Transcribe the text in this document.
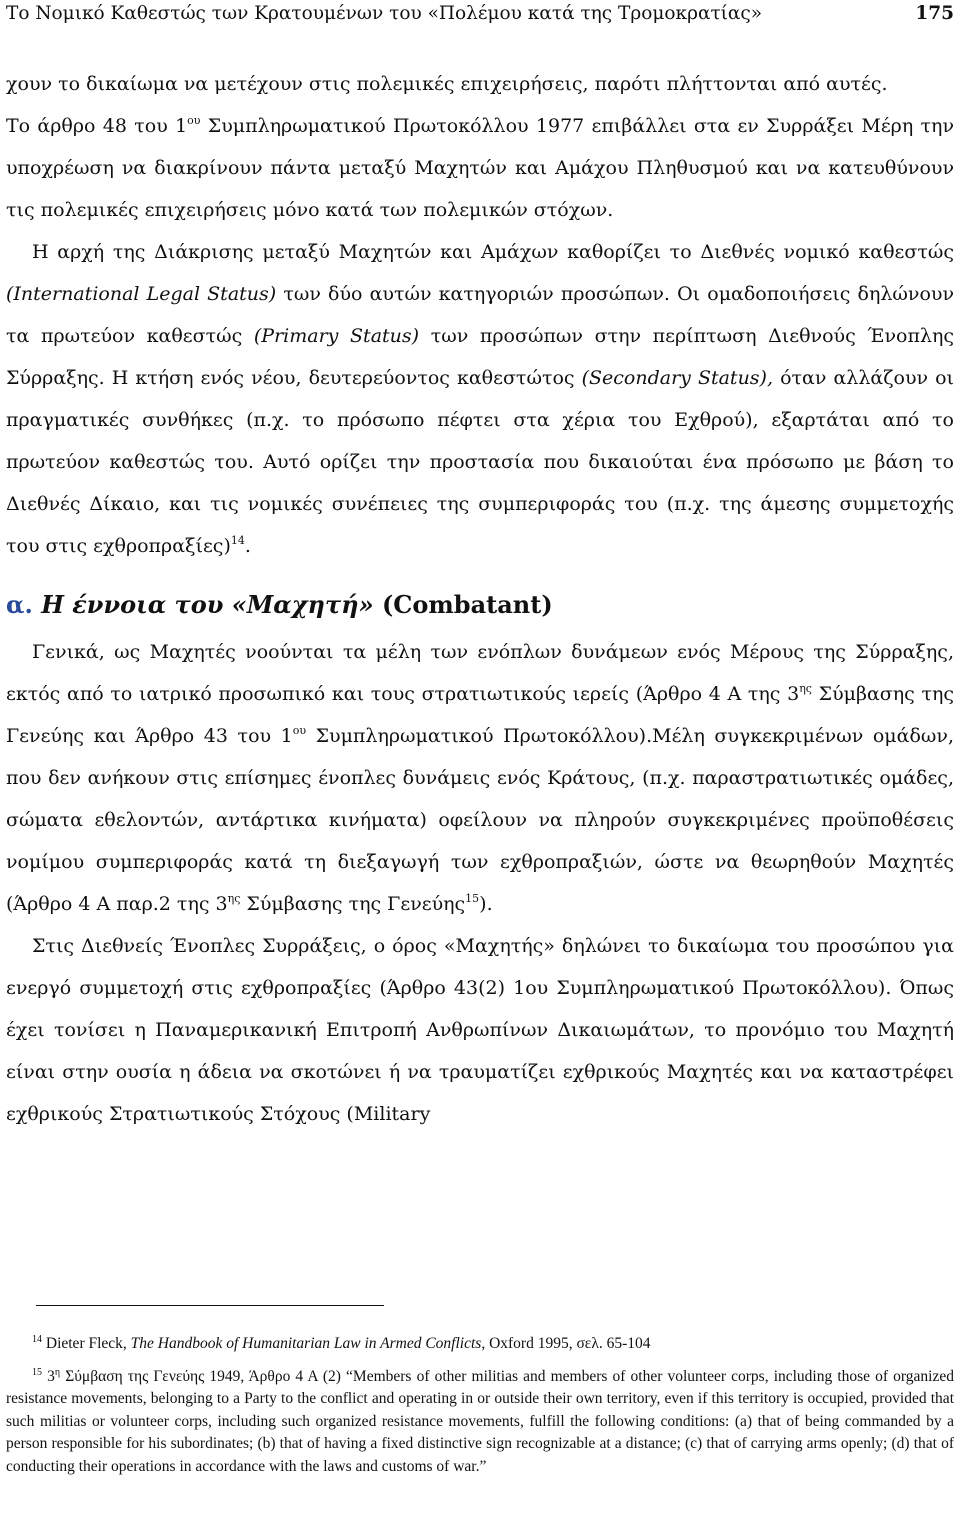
Το Νομικό Καθεστώς των Κρατουμένων του «Πολέμου κατά της Τρομοκρατίας»	175

χουν το δικαίωμα να μετέχουν στις πολεμικές επιχειρήσεις, παρότι πλήττονται από αυτές.

Το άρθρο 48 του $1^{o\upsilon}$ Συμπληρωματικού Πρωτοκόλλου 1977 επιβάλλει στα εν Συρράξει Μέρη την υποχρέωση να διακρίνουν πάντα μεταξύ Μαχητών και Αμάχου Πληθυσμού και να κατευθύνουν τις πολεμικές επιχειρήσεις μόνο κατά των πολεμικών στόχων.

Η αρχή της Διάκρισης μεταξύ Μαχητών και Αμάχων καθορίζει το Διεθνές νομικό καθεστώς (International Legal Status) των δύο αυτών κατηγοριών προσώπων. Οι ομαδοποιήσεις δηλώνουν τα πρωτεύον καθεστώς (Primary Status) των προσώπων στην περίπτωση Διεθνούς Ένοπλης Σύρραξης. Η κτήση ενός νέου, δευτερεύοντος καθεστώτος (Secondary Status), όταν αλλάζουν οι πραγματικές συνθήκες (π.χ. το πρόσωπο πέφτει στα χέρια του Εχθρού), εξαρτάται από το πρωτεύον καθεστώς του. Αυτό ορίζει την προστασία που δικαιούται ένα πρόσωπο με βάση το Διεθνές Δίκαιο, και τις νομικές συνέπειες της συμπεριφοράς του (π.χ. της άμεσης συμμετοχής του στις εχθροπραξίες)$^{14}$.

α. Η έννοια του «Μαχητή» (Combatant)

Γενικά, ως Μαχητές νοούνται τα μέλη των ενόπλων δυνάμεων ενός Μέρους της Σύρραξης, εκτός από το ιατρικό προσωπικό και τους στρατιωτικούς ιερείς (Άρθρο 4 Α της $3^{\eta\varsigma}$ Σύμβασης της Γενεύης και Άρθρο 43 του $1^{o\upsilon}$ Συμπληρωματικού Πρωτοκόλλου).Μέλη συγκεκριμένων ομάδων, που δεν ανήκουν στις επίσημες ένοπλες δυνάμεις ενός Κράτους, (π.χ. παραστρατιωτικές ομάδες, σώματα εθελοντών, αντάρτικα κινήματα) οφείλουν να πληρούν συγκεκριμένες προϋποθέσεις νομίμου συμπεριφοράς κατά τη διεξαγωγή των εχθροπραξιών, ώστε να θεωρηθούν Μαχητές (Άρθρο 4 Α παρ.2 της $3^{\eta\varsigma}$ Σύμβασης της Γενεύης$^{15}$).

Στις Διεθνείς Ένοπλες Συρράξεις, ο όρος «Μαχητής» δηλώνει το δικαίωμα του προσώπου για ενεργό συμμετοχή στις εχθροπραξίες (Άρθρο 43(2) 1ου Συμπληρωματικού Πρωτοκόλλου). Όπως έχει τονίσει η Παναμερικανική Επιτροπή Ανθρωπίνων Δικαιωμάτων, το προνόμιο του Μαχητή είναι στην ουσία η άδεια να σκοτώνει ή να τραυματίζει εχθρικούς Μαχητές και να καταστρέφει εχθρικούς Στρατιωτικούς Στόχους (Military

$^{14}$ Dieter Fleck, The Handbook of Humanitarian Law in Armed Conflicts, Oxford 1995, σελ. 65-104

$^{15}$ $3^\eta$ Σύμβαση της Γενεύης 1949, Άρθρο 4 Α (2) “Members of other militias and members of other volunteer corps, including those of organized resistance movements, belonging to a Party to the conflict and operating in or outside their own territory, even if this territory is occupied, provided that such militias or volunteer corps, including such organized resistance movements, fulfill the following conditions: (a) that of being commanded by a person responsible for his subordinates; (b) that of having a fixed distinctive sign recognizable at a distance; (c) that of carrying arms openly; (d) that of conducting their operations in accordance with the laws and customs of war.”
